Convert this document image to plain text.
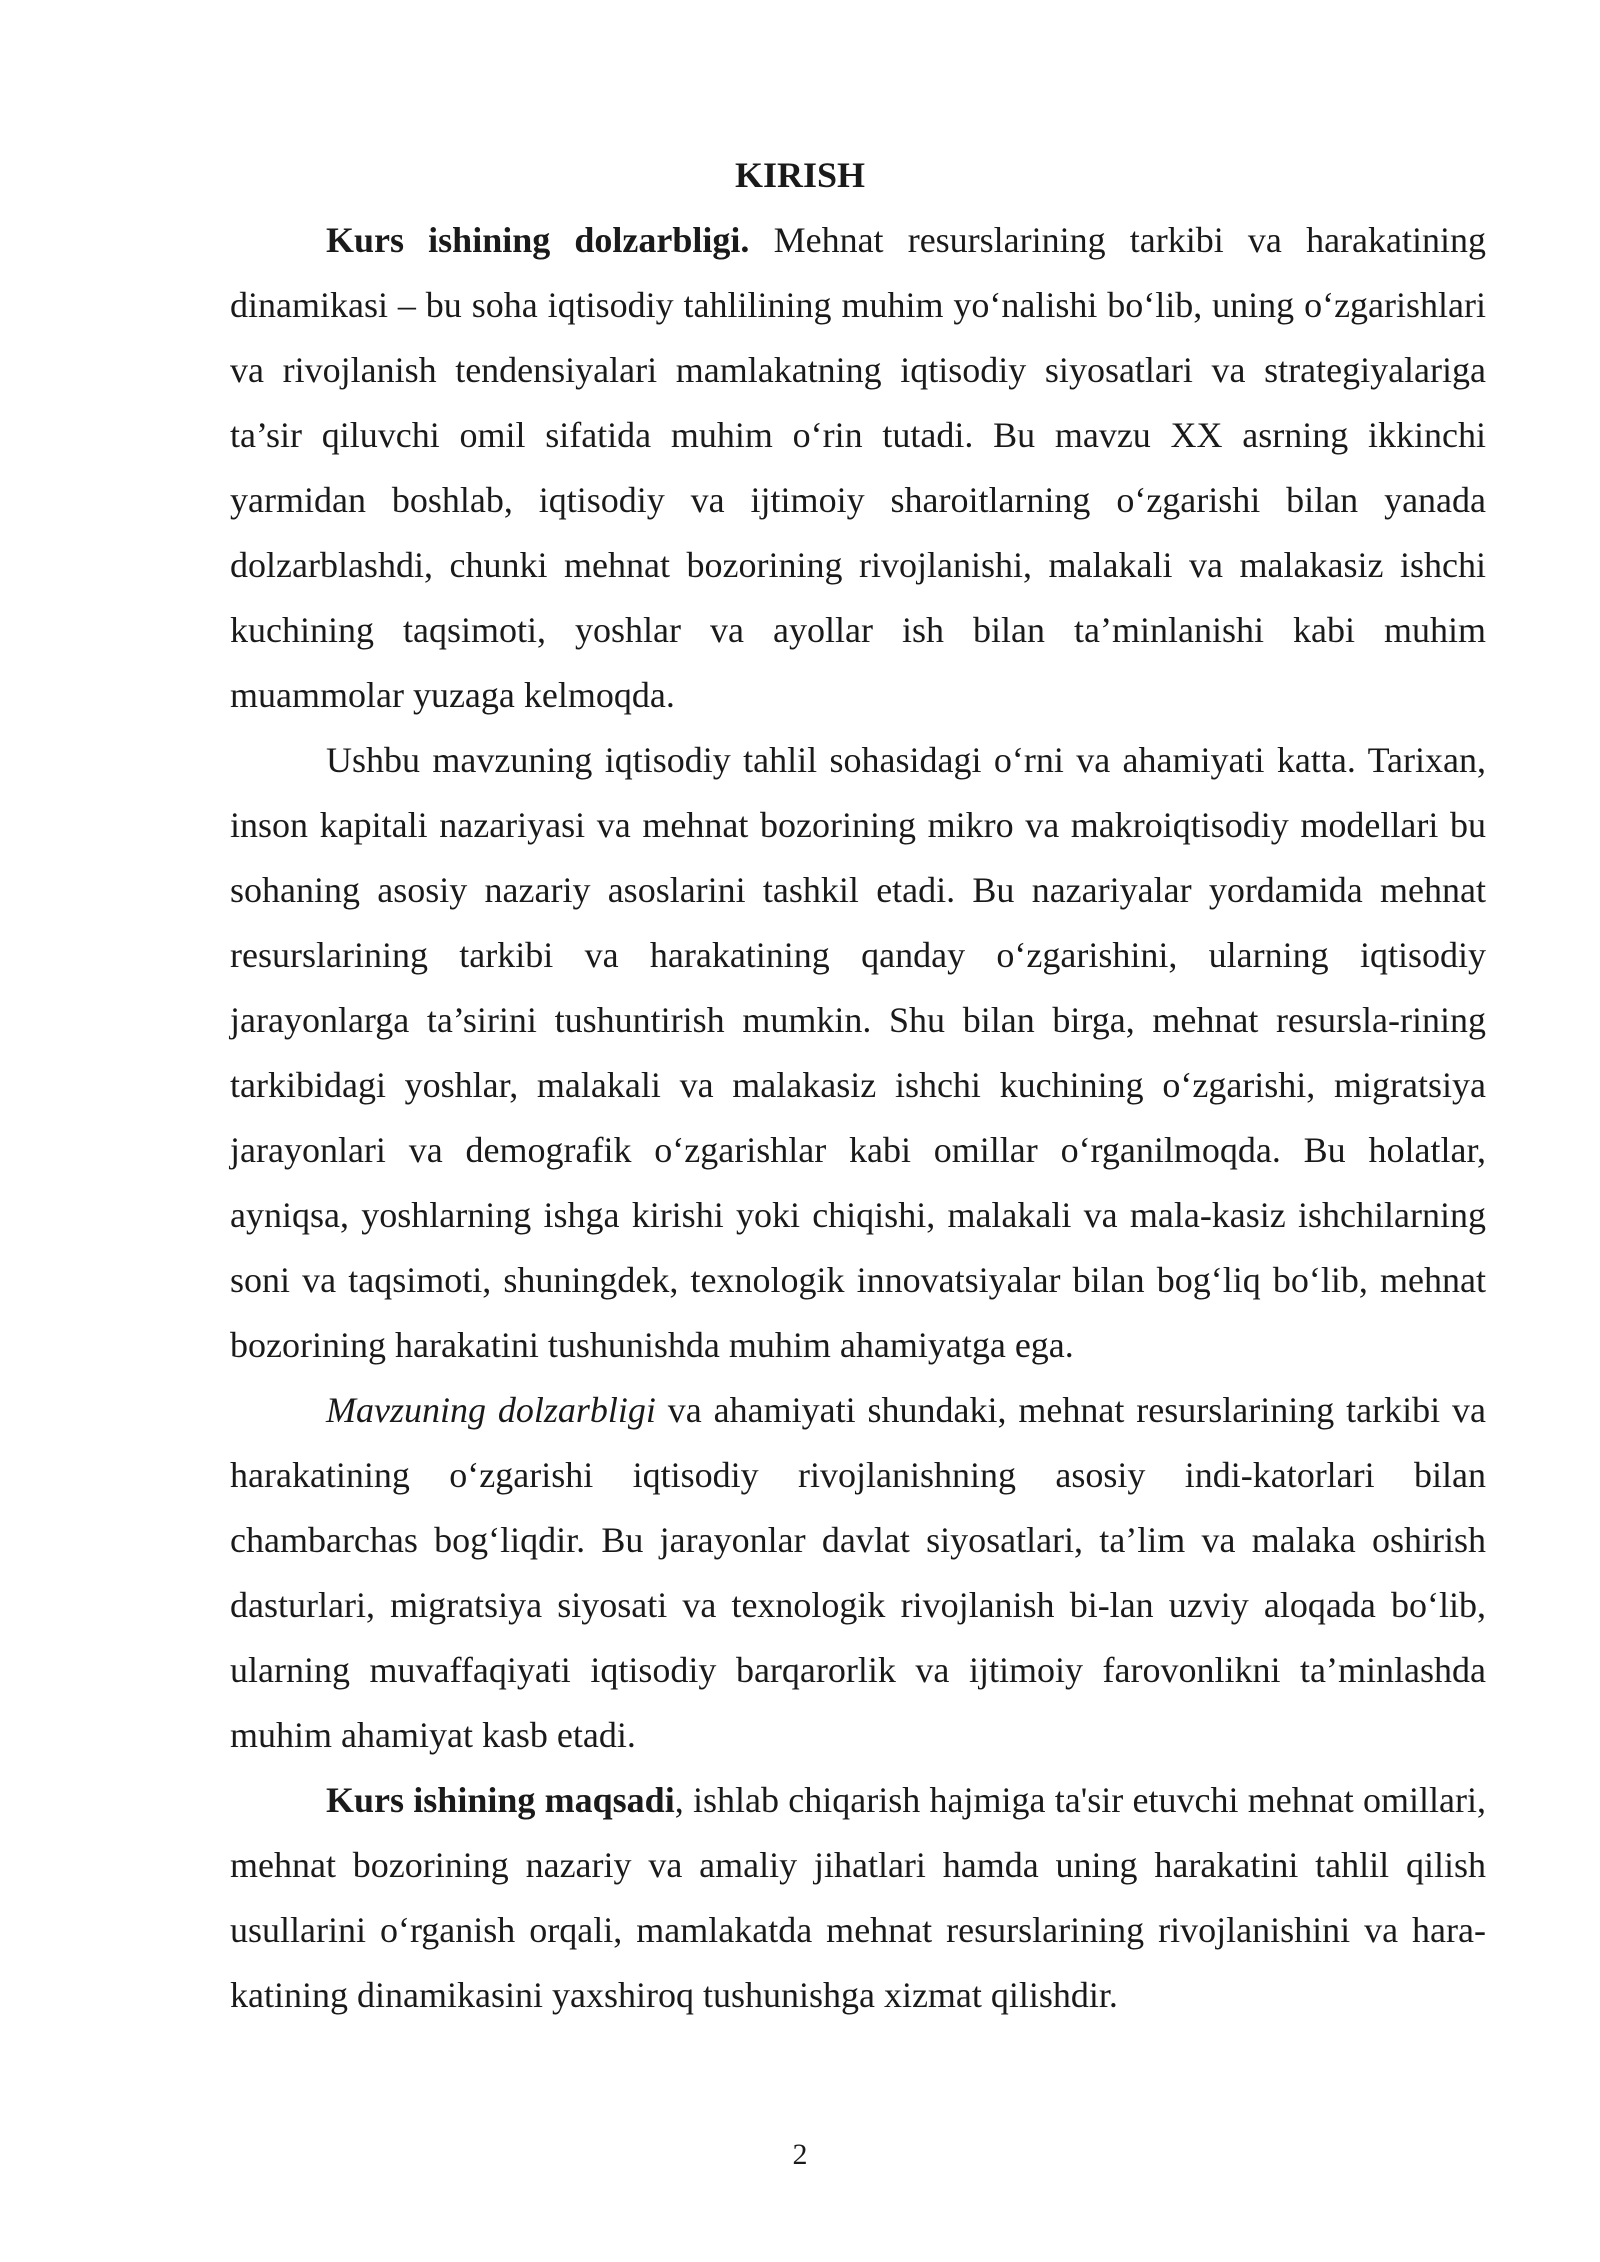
KIRISH

Kurs ishining dolzarbligi. Mehnat resurslarining tarkibi va harakatining dinamikasi – bu soha iqtisodiy tahlilining muhim yo‘nalishi bo‘lib, uning o‘zgarishlari va rivojlanish tendensiyalari mamlakatning iqtisodiy siyosatlari va strategiyalariga ta’sir qiluvchi omil sifatida muhim o‘rin tutadi. Bu mavzu XX asrning ikkinchi yarmidan boshlab, iqtisodiy va ijtimoiy sharoitlarning o‘zgarishi bilan yanada dolzarblashdi, chunki mehnat bozorining rivojlanishi, malakali va malakasiz ishchi kuchining taqsimoti, yoshlar va ayollar ish bilan ta’minlanishi kabi muhim muammolar yuzaga kelmoqda.

Ushbu mavzuning iqtisodiy tahlil sohasidagi o‘rni va ahamiyati katta. Tarixan, inson kapitali nazariyasi va mehnat bozorining mikro va makroiqtisodiy modellari bu sohaning asosiy nazariy asoslarini tashkil etadi. Bu nazariyalar yordamida mehnat resurslarining tarkibi va harakatining qanday o‘zgarishini, ularning iqtisodiy jarayonlarga ta’sirini tushuntirish mumkin. Shu bilan birga, mehnat resursla-rining tarkibidagi yoshlar, malakali va malakasiz ishchi kuchining o‘zgarishi, migratsiya jarayonlari va demografik o‘zgarishlar kabi omillar o‘rganilmoqda. Bu holatlar, ayniqsa, yoshlarning ishga kirishi yoki chiqishi, malakali va mala-kasiz ishchilarning soni va taqsimoti, shuningdek, texnologik innovatsiyalar bilan bog‘liq bo‘lib, mehnat bozorining harakatini tushunishda muhim ahamiyatga ega.

Mavzuning dolzarbligi va ahamiyati shundaki, mehnat resurslarining tarkibi va harakatining o‘zgarishi iqtisodiy rivojlanishning asosiy indi-katorlari bilan chambarchas bog‘liqdir. Bu jarayonlar davlat siyosatlari, ta’lim va malaka oshirish dasturlari, migratsiya siyosati va texnologik rivojlanish bi-lan uzviy aloqada bo‘lib, ularning muvaffaqiyati iqtisodiy barqarorlik va ijtimoiy farovonlikni ta’minlashda muhim ahamiyat kasb etadi.

Kurs ishining maqsadi, ishlab chiqarish hajmiga ta'sir etuvchi mehnat omillari, mehnat bozorining nazariy va amaliy jihatlari hamda uning harakatini tahlil qilish usullarini o‘rganish orqali, mamlakatda mehnat resurslarining rivojlanishini va hara-katining dinamikasini yaxshiroq tushunishga xizmat qilishdir.

2
